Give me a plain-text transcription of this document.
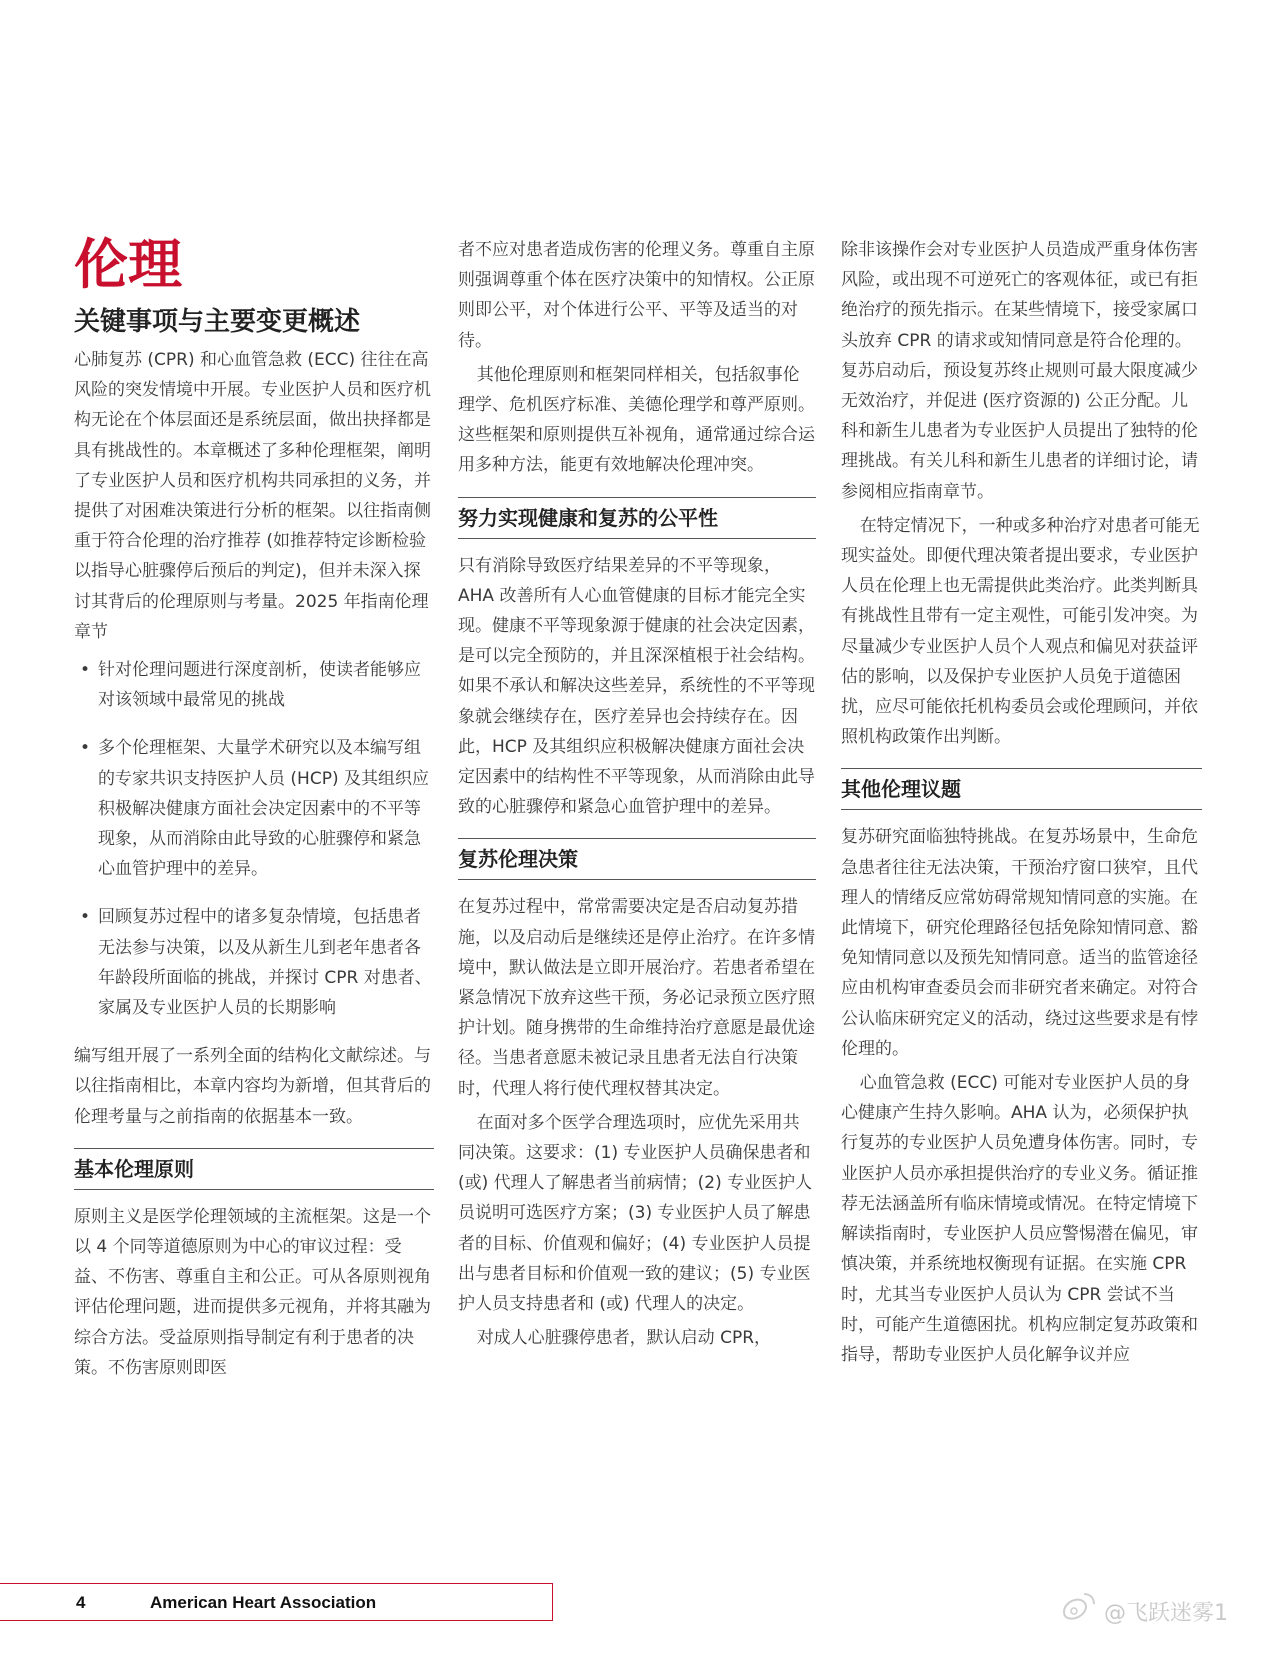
伦理
关键事项与主要变更概述

心肺复苏 (CPR) 和心血管急救 (ECC) 往往在高风险的突发情境中开展。专业医护人员和医疗机构无论在个体层面还是系统层面，做出抉择都是具有挑战性的。本章概述了多种伦理框架，阐明了专业医护人员和医疗机构共同承担的义务，并提供了对困难决策进行分析的框架。以往指南侧重于符合伦理的治疗推荐 (如推荐特定诊断检验以指导心脏骤停后预后的判定)，但并未深入探讨其背后的伦理原则与考量。2025 年指南伦理章节

• 针对伦理问题进行深度剖析，使读者能够应对该领域中最常见的挑战
• 多个伦理框架、大量学术研究以及本编写组的专家共识支持医护人员 (HCP) 及其组织应积极解决健康方面社会决定因素中的不平等现象，从而消除由此导致的心脏骤停和紧急心血管护理中的差异。
• 回顾复苏过程中的诸多复杂情境，包括患者无法参与决策，以及从新生儿到老年患者各年龄段所面临的挑战，并探讨 CPR 对患者、家属及专业医护人员的长期影响

编写组开展了一系列全面的结构化文献综述。与以往指南相比，本章内容均为新增，但其背后的伦理考量与之前指南的依据基本一致。

基本伦理原则

原则主义是医学伦理领域的主流框架。这是一个以 4 个同等道德原则为中心的审议过程：受益、不伤害、尊重自主和公正。可从各原则视角评估伦理问题，进而提供多元视角，并将其融为综合方法。受益原则指导制定有利于患者的决策。不伤害原则即医

者不应对患者造成伤害的伦理义务。尊重自主原则强调尊重个体在医疗决策中的知情权。公正原则即公平，对个体进行公平、平等及适当的对待。

其他伦理原则和框架同样相关，包括叙事伦理学、危机医疗标准、美德伦理学和尊严原则。这些框架和原则提供互补视角，通常通过综合运用多种方法，能更有效地解决伦理冲突。

努力实现健康和复苏的公平性

只有消除导致医疗结果差异的不平等现象，AHA 改善所有人心血管健康的目标才能完全实现。健康不平等现象源于健康的社会决定因素，是可以完全预防的，并且深深植根于社会结构。如果不承认和解决这些差异，系统性的不平等现象就会继续存在，医疗差异也会持续存在。因此，HCP 及其组织应积极解决健康方面社会决定因素中的结构性不平等现象，从而消除由此导致的心脏骤停和紧急心血管护理中的差异。

复苏伦理决策

在复苏过程中，常常需要决定是否启动复苏措施，以及启动后是继续还是停止治疗。在许多情境中，默认做法是立即开展治疗。若患者希望在紧急情况下放弃这些干预，务必记录预立医疗照护计划。随身携带的生命维持治疗意愿是最优途径。当患者意愿未被记录且患者无法自行决策时，代理人将行使代理权替其决定。

在面对多个医学合理选项时，应优先采用共同决策。这要求：(1) 专业医护人员确保患者和 (或) 代理人了解患者当前病情；(2) 专业医护人员说明可选医疗方案；(3) 专业医护人员了解患者的目标、价值观和偏好；(4) 专业医护人员提出与患者目标和价值观一致的建议；(5) 专业医护人员支持患者和 (或) 代理人的决定。

对成人心脏骤停患者，默认启动 CPR，

除非该操作会对专业医护人员造成严重身体伤害风险，或出现不可逆死亡的客观体征，或已有拒绝治疗的预先指示。在某些情境下，接受家属口头放弃 CPR 的请求或知情同意是符合伦理的。复苏启动后，预设复苏终止规则可最大限度减少无效治疗，并促进 (医疗资源的) 公正分配。儿科和新生儿患者为专业医护人员提出了独特的伦理挑战。有关儿科和新生儿患者的详细讨论，请参阅相应指南章节。

在特定情况下，一种或多种治疗对患者可能无现实益处。即便代理决策者提出要求，专业医护人员在伦理上也无需提供此类治疗。此类判断具有挑战性且带有一定主观性，可能引发冲突。为尽量减少专业医护人员个人观点和偏见对获益评估的影响，以及保护专业医护人员免于道德困扰，应尽可能依托机构委员会或伦理顾问，并依照机构政策作出判断。

其他伦理议题

复苏研究面临独特挑战。在复苏场景中，生命危急患者往往无法决策，干预治疗窗口狭窄，且代理人的情绪反应常妨碍常规知情同意的实施。在此情境下，研究伦理路径包括免除知情同意、豁免知情同意以及预先知情同意。适当的监管途径应由机构审查委员会而非研究者来确定。对符合公认临床研究定义的活动，绕过这些要求是有悖伦理的。

心血管急救 (ECC) 可能对专业医护人员的身心健康产生持久影响。AHA 认为，必须保护执行复苏的专业医护人员免遭身体伤害。同时，专业医护人员亦承担提供治疗的专业义务。循证推荐无法涵盖所有临床情境或情况。在特定情境下解读指南时，专业医护人员应警惕潜在偏见，审慎决策，并系统地权衡现有证据。在实施 CPR 时，尤其当专业医护人员认为 CPR 尝试不当时，可能产生道德困扰。机构应制定复苏政策和指导，帮助专业医护人员化解争议并应

4	American Heart Association	@飞跃迷雾1
